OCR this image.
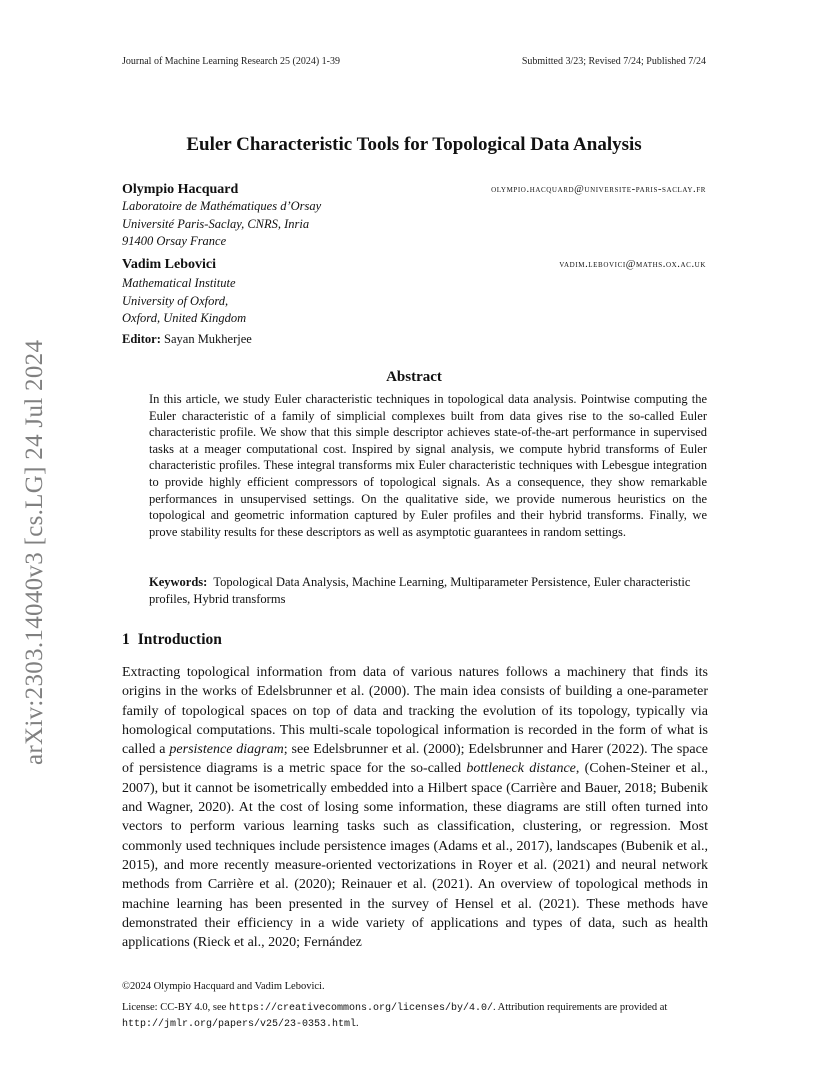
Journal of Machine Learning Research 25 (2024) 1-39	Submitted 3/23; Revised 7/24; Published 7/24
arXiv:2303.14040v3 [cs.LG] 24 Jul 2024
Euler Characteristic Tools for Topological Data Analysis
Olympio Hacquard	olympio.hacquard@universite-paris-saclay.fr
Laboratoire de Mathématiques d’Orsay
Université Paris-Saclay, CNRS, Inria
91400 Orsay France
Vadim Lebovici	vadim.lebovici@maths.ox.ac.uk
Mathematical Institute
University of Oxford,
Oxford, United Kingdom
Editor: Sayan Mukherjee
Abstract
In this article, we study Euler characteristic techniques in topological data analysis. Pointwise computing the Euler characteristic of a family of simplicial complexes built from data gives rise to the so-called Euler characteristic profile. We show that this simple descriptor achieves state-of-the-art performance in supervised tasks at a meager computational cost. Inspired by signal analysis, we compute hybrid transforms of Euler characteristic profiles. These integral transforms mix Euler characteristic techniques with Lebesgue integration to provide highly efficient compressors of topological signals. As a consequence, they show remarkable performances in unsupervised settings. On the qualitative side, we provide numerous heuristics on the topological and geometric information captured by Euler profiles and their hybrid transforms. Finally, we prove stability results for these descriptors as well as asymptotic guarantees in random settings.
Keywords: Topological Data Analysis, Machine Learning, Multiparameter Persistence, Euler characteristic profiles, Hybrid transforms
1 Introduction
Extracting topological information from data of various natures follows a machinery that finds its origins in the works of Edelsbrunner et al. (2000). The main idea consists of building a one-parameter family of topological spaces on top of data and tracking the evolution of its topology, typically via homological computations. This multi-scale topological information is recorded in the form of what is called a persistence diagram; see Edelsbrunner et al. (2000); Edelsbrunner and Harer (2022). The space of persistence diagrams is a metric space for the so-called bottleneck distance, (Cohen-Steiner et al., 2007), but it cannot be isometrically embedded into a Hilbert space (Carrière and Bauer, 2018; Bubenik and Wagner, 2020). At the cost of losing some information, these diagrams are still often turned into vectors to perform various learning tasks such as classification, clustering, or regression. Most commonly used techniques include persistence images (Adams et al., 2017), landscapes (Bubenik et al., 2015), and more recently measure-oriented vectorizations in Royer et al. (2021) and neural network methods from Carrière et al. (2020); Reinauer et al. (2021). An overview of topological methods in machine learning has been presented in the survey of Hensel et al. (2021). These methods have demonstrated their efficiency in a wide variety of applications and types of data, such as health applications (Rieck et al., 2020; Fernández
©2024 Olympio Hacquard and Vadim Lebovici.
License: CC-BY 4.0, see https://creativecommons.org/licenses/by/4.0/. Attribution requirements are provided at http://jmlr.org/papers/v25/23-0353.html.
